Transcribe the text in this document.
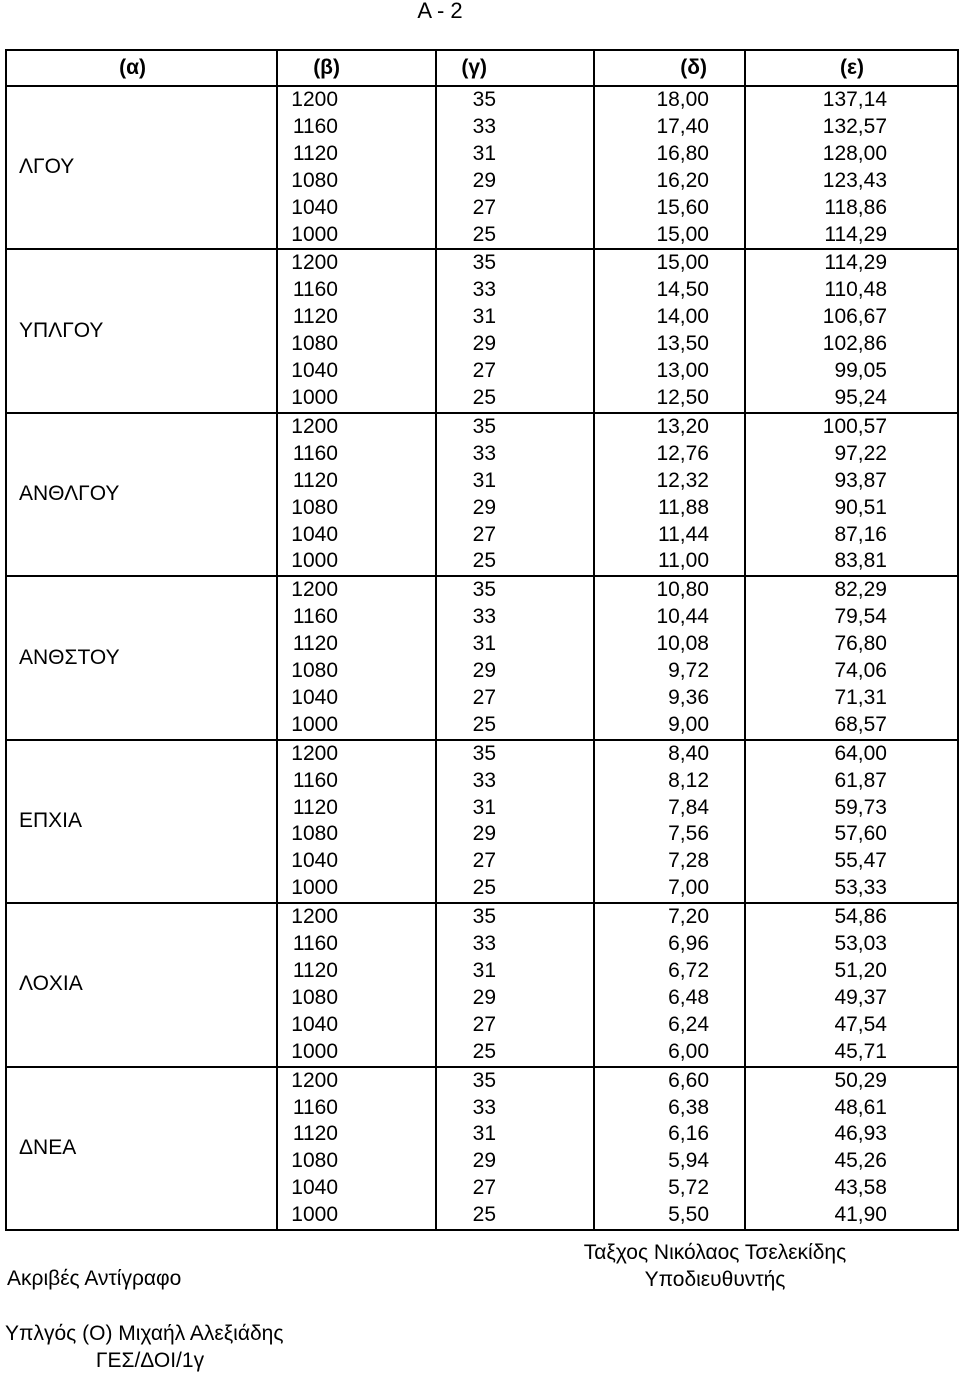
Α - 2
(α)	(β)	(γ)	(δ)	(ε)
ΛΓΟΥ	1200	35	18,00	137,14
	1160	33	17,40	132,57
	1120	31	16,80	128,00
	1080	29	16,20	123,43
	1040	27	15,60	118,86
	1000	25	15,00	114,29
ΥΠΛΓΟΥ	1200	35	15,00	114,29
	1160	33	14,50	110,48
	1120	31	14,00	106,67
	1080	29	13,50	102,86
	1040	27	13,00	99,05
	1000	25	12,50	95,24
ΑΝΘΛΓΟΥ	1200	35	13,20	100,57
	1160	33	12,76	97,22
	1120	31	12,32	93,87
	1080	29	11,88	90,51
	1040	27	11,44	87,16
	1000	25	11,00	83,81
ΑΝΘΣΤΟΥ	1200	35	10,80	82,29
	1160	33	10,44	79,54
	1120	31	10,08	76,80
	1080	29	9,72	74,06
	1040	27	9,36	71,31
	1000	25	9,00	68,57
ΕΠΧΙΑ	1200	35	8,40	64,00
	1160	33	8,12	61,87
	1120	31	7,84	59,73
	1080	29	7,56	57,60
	1040	27	7,28	55,47
	1000	25	7,00	53,33
ΛΟΧΙΑ	1200	35	7,20	54,86
	1160	33	6,96	53,03
	1120	31	6,72	51,20
	1080	29	6,48	49,37
	1040	27	6,24	47,54
	1000	25	6,00	45,71
ΔΝΕΑ	1200	35	6,60	50,29
	1160	33	6,38	48,61
	1120	31	6,16	46,93
	1080	29	5,94	45,26
	1040	27	5,72	43,58
	1000	25	5,50	41,90
Ακριβές Αντίγραφο
Ταξχος Νικόλαος Τσελεκίδης
Υποδιευθυντής
Υπλγός (Ο) Μιχαήλ Αλεξιάδης
ΓΕΣ/ΔΟΙ/1γ
